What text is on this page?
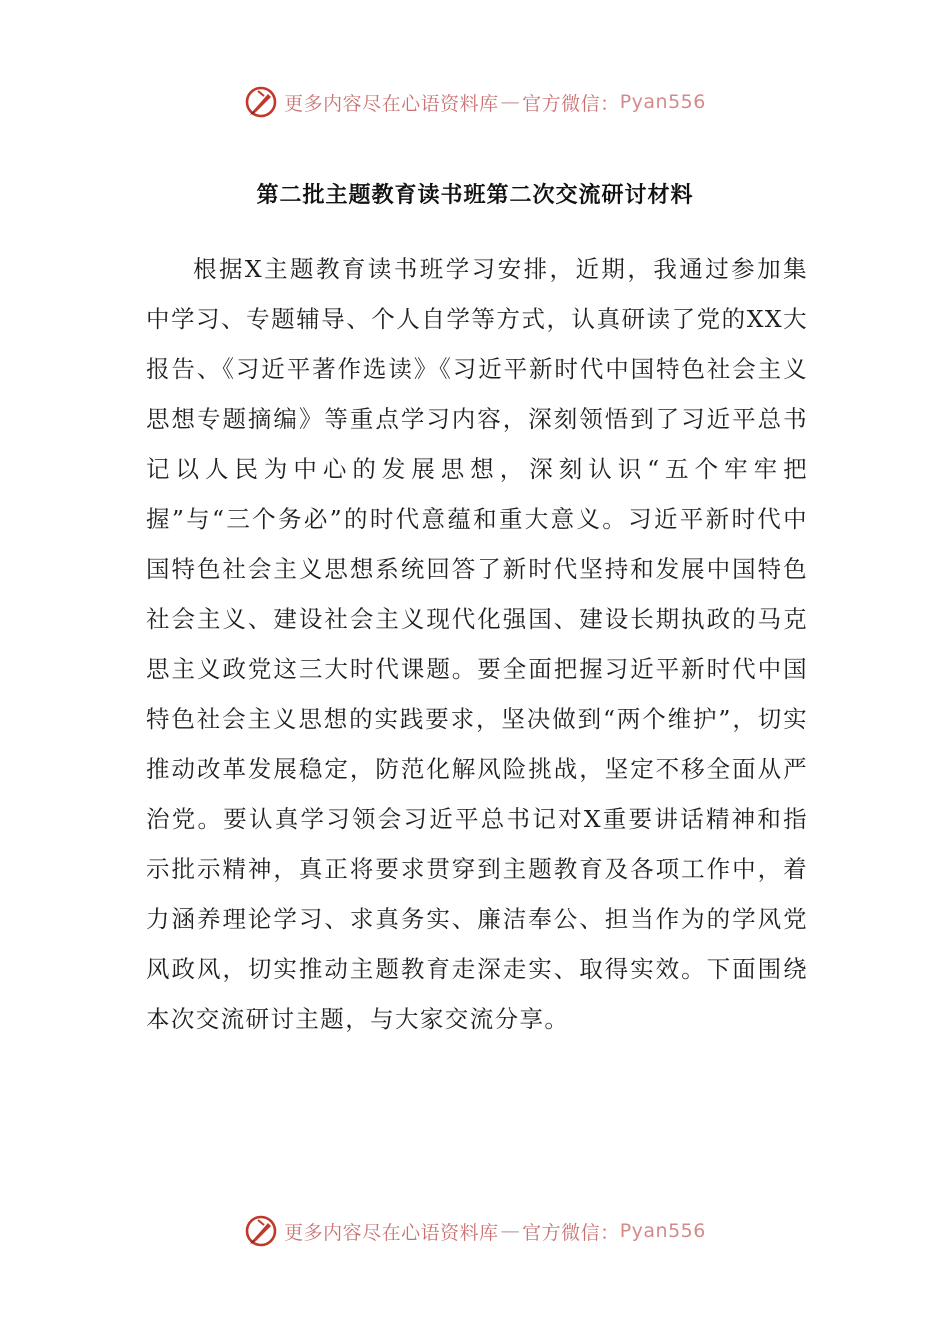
更多内容尽在心语资料库 — 官方微信： Pyan556
第二批主题教育读书班第二次交流研讨材料

根据X主题教育读书班学习安排，近期，我通过参加集中学习、专题辅导、个人自学等方式，认真研读了党的XX大报告、《习近平著作选读》《习近平新时代中国特色社会主义思想专题摘编》等重点学习内容，深刻领悟到了习近平总书记以人民为中心的发展思想，深刻认识“五个牢牢把握”与“三个务必”的时代意蕴和重大意义。习近平新时代中国特色社会主义思想系统回答了新时代坚持和发展中国特色社会主义、建设社会主义现代化强国、建设长期执政的马克思主义政党这三大时代课题。要全面把握习近平新时代中国特色社会主义思想的实践要求，坚决做到“两个维护”，切实推动改革发展稳定，防范化解风险挑战，坚定不移全面从严治党。要认真学习领会习近平总书记对X重要讲话精神和指示批示精神，真正将要求贯穿到主题教育及各项工作中，着力涵养理论学习、求真务实、廉洁奉公、担当作为的学风党风政风，切实推动主题教育走深走实、取得实效。下面围绕本次交流研讨主题，与大家交流分享。

更多内容尽在心语资料库 — 官方微信： Pyan556
